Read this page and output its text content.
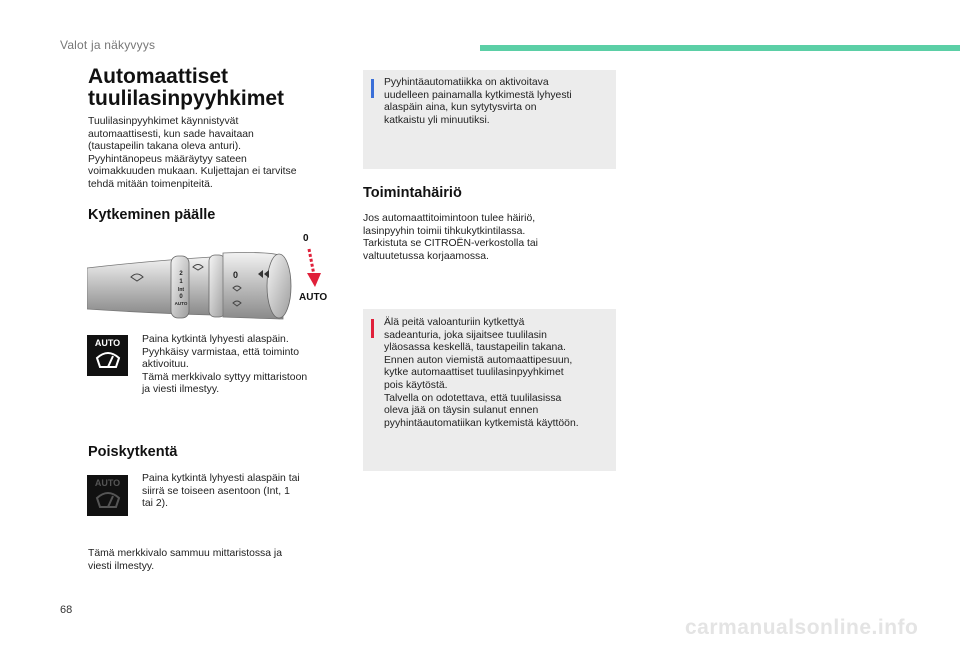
Valot ja näkyvyys
Automaattiset
tuulilasinpyyhkimet
Tuulilasinpyyhkimet käynnistyvät
automaattisesti, kun sade havaitaan
(taustapeilin takana oleva anturi).
Pyyhintänopeus määräytyy sateen
voimakkuuden mukaan. Kuljettajan ei tarvitse
tehdä mitään toimenpiteitä.
Kytkeminen päälle
2
1
Int
0
AUTO
0
0
AUTO
AUTO	Paina kytkintä lyhyesti alaspäin.
Pyyhkäisy varmistaa, että toiminto
aktivoituu.
Tämä merkkivalo syttyy mittaristoon
ja viesti ilmestyy.
Poiskytkentä
AUTO	Paina kytkintä lyhyesti alaspäin tai
siirrä se toiseen asentoon (Int, 1
tai 2).
Tämä merkkivalo sammuu mittaristossa ja
viesti ilmestyy.
Pyyhintäautomatiikka on aktivoitava
uudelleen painamalla kytkimestä lyhyesti
alaspäin aina, kun sytytysvirta on
katkaistu yli minuutiksi.
Toimintahäiriö
Jos automaattitoimintoon tulee häiriö,
lasinpyyhin toimii tihkukytkintilassa.
Tarkistuta se CITROËN-verkostolla tai
valtuutetussa korjaamossa.
Älä peitä valoanturiin kytkettyä
sadeanturia, joka sijaitsee tuulilasin
yläosassa keskellä, taustapeilin takana.
Ennen auton viemistä automaattipesuun,
kytke automaattiset tuulilasinpyyhkimet
pois käytöstä.
Talvella on odotettava, että tuulilasissa
oleva jää on täysin sulanut ennen
pyyhintäautomatiikan kytkemistä käyttöön.
68
carmanualsonline.info
